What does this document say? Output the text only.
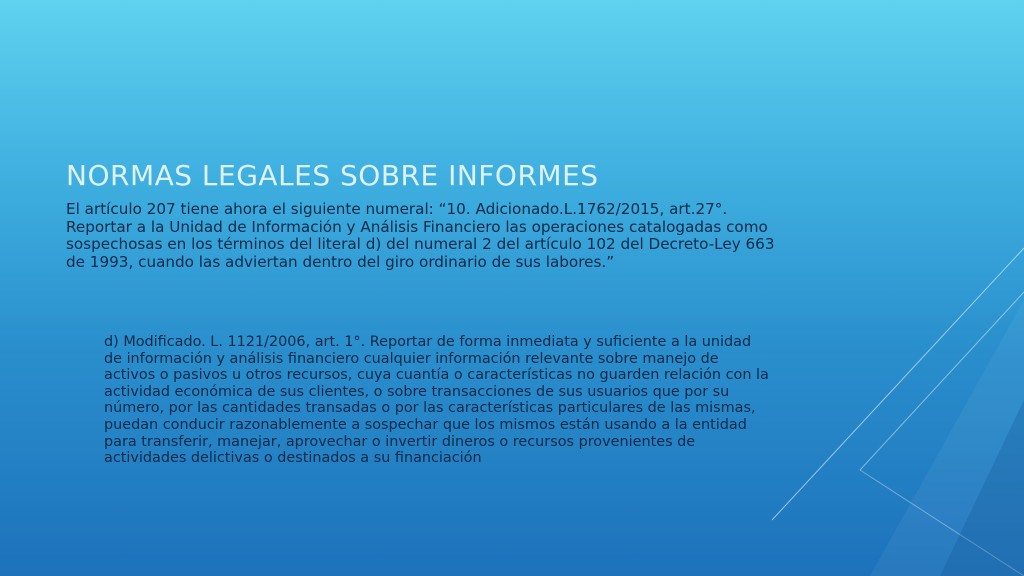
NORMAS LEGALES SOBRE INFORMES

El artículo 207 tiene ahora el siguiente numeral: “10. Adicionado.L.1762/2015, art.27°. Reportar a la Unidad de Información y Análisis Financiero las operaciones catalogadas como sospechosas en los términos del literal d) del numeral 2 del artículo 102 del Decreto-Ley 663 de 1993, cuando las adviertan dentro del giro ordinario de sus labores.”

d) Modificado. L. 1121/2006, art. 1°. Reportar de forma inmediata y suficiente a la unidad de información y análisis financiero cualquier información relevante sobre manejo de activos o pasivos u otros recursos, cuya cuantía o características no guarden relación con la actividad económica de sus clientes, o sobre transacciones de sus usuarios que por su número, por las cantidades transadas o por las características particulares de las mismas, puedan conducir razonablemente a sospechar que los mismos están usando a la entidad para transferir, manejar, aprovechar o invertir dineros o recursos provenientes de actividades delictivas o destinados a su financiación
